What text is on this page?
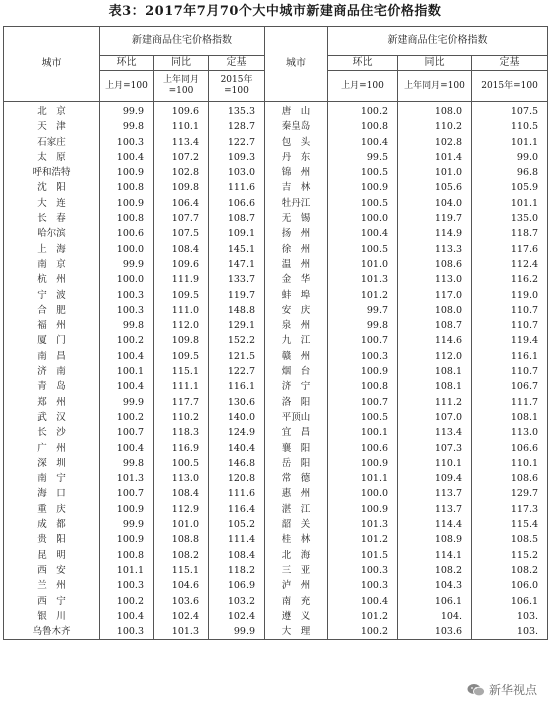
表3：2017年7月70个大中城市新建商品住宅价格指数
城市	新建商品住宅价格指数			城市	新建商品住宅价格指数		
	环比	同比	定基		环比	同比	定基
	上月=100	上年同月=100	2015年=100		上月=100	上年同月=100	2015年=100
北　京	99.9	109.6	135.3	唐　山	100.2	108.0	107.5
天　津	99.8	110.1	128.7	秦皇岛	100.8	110.2	110.5
石家庄	100.3	113.4	122.7	包　头	100.4	102.8	101.1
太　原	100.4	107.2	109.3	丹　东	99.5	101.4	99.0
呼和浩特	100.9	102.8	103.0	锦　州	100.5	101.0	96.8
沈　阳	100.8	109.8	111.6	吉　林	100.9	105.6	105.9
大　连	100.9	106.4	106.6	牡丹江	100.5	104.0	101.1
长　春	100.8	107.7	108.7	无　锡	100.0	119.7	135.0
哈尔滨	100.6	107.5	109.1	扬　州	100.4	114.9	118.7
上　海	100.0	108.4	145.1	徐　州	100.5	113.3	117.6
南　京	99.9	109.6	147.1	温　州	101.0	108.6	112.4
杭　州	100.0	111.9	133.7	金　华	101.3	113.0	116.2
宁　波	100.3	109.5	119.7	蚌　埠	101.2	117.0	119.0
合　肥	100.3	111.0	148.8	安　庆	99.7	108.0	110.7
福　州	99.8	112.0	129.1	泉　州	99.8	108.7	110.7
厦　门	100.2	109.8	152.2	九　江	100.7	114.6	119.4
南　昌	100.4	109.5	121.5	赣　州	100.3	112.0	116.1
济　南	100.1	115.1	122.7	烟　台	100.9	108.1	110.7
青　岛	100.4	111.1	116.1	济　宁	100.8	108.1	106.7
郑　州	99.9	117.7	130.6	洛　阳	100.7	111.2	111.7
武　汉	100.2	110.2	140.0	平顶山	100.5	107.0	108.1
长　沙	100.7	118.3	124.9	宜　昌	100.1	113.4	113.0
广　州	100.4	116.9	140.4	襄　阳	100.6	107.3	106.6
深　圳	99.8	100.5	146.8	岳　阳	100.9	110.1	110.1
南　宁	101.3	113.0	120.8	常　德	101.1	109.4	108.6
海　口	100.7	108.4	111.6	惠　州	100.0	113.7	129.7
重　庆	100.9	112.9	116.4	湛　江	100.9	113.7	117.3
成　都	99.9	101.0	105.2	韶　关	101.3	114.4	115.4
贵　阳	100.9	108.8	111.4	桂　林	101.2	108.9	108.5
昆　明	100.8	108.2	108.4	北　海	101.5	114.1	115.2
西　安	101.1	115.1	118.2	三　亚	100.3	108.2	108.2
兰　州	100.3	104.6	106.9	泸　州	100.3	104.3	106.0
西　宁	100.2	103.6	103.2	南　充	100.4	106.1	106.1
银　川	100.4	102.4	102.4	遵　义	101.2	104.	103.
乌鲁木齐	100.3	101.3	99.9	大　理	100.2	103.6	103.
新华视点
